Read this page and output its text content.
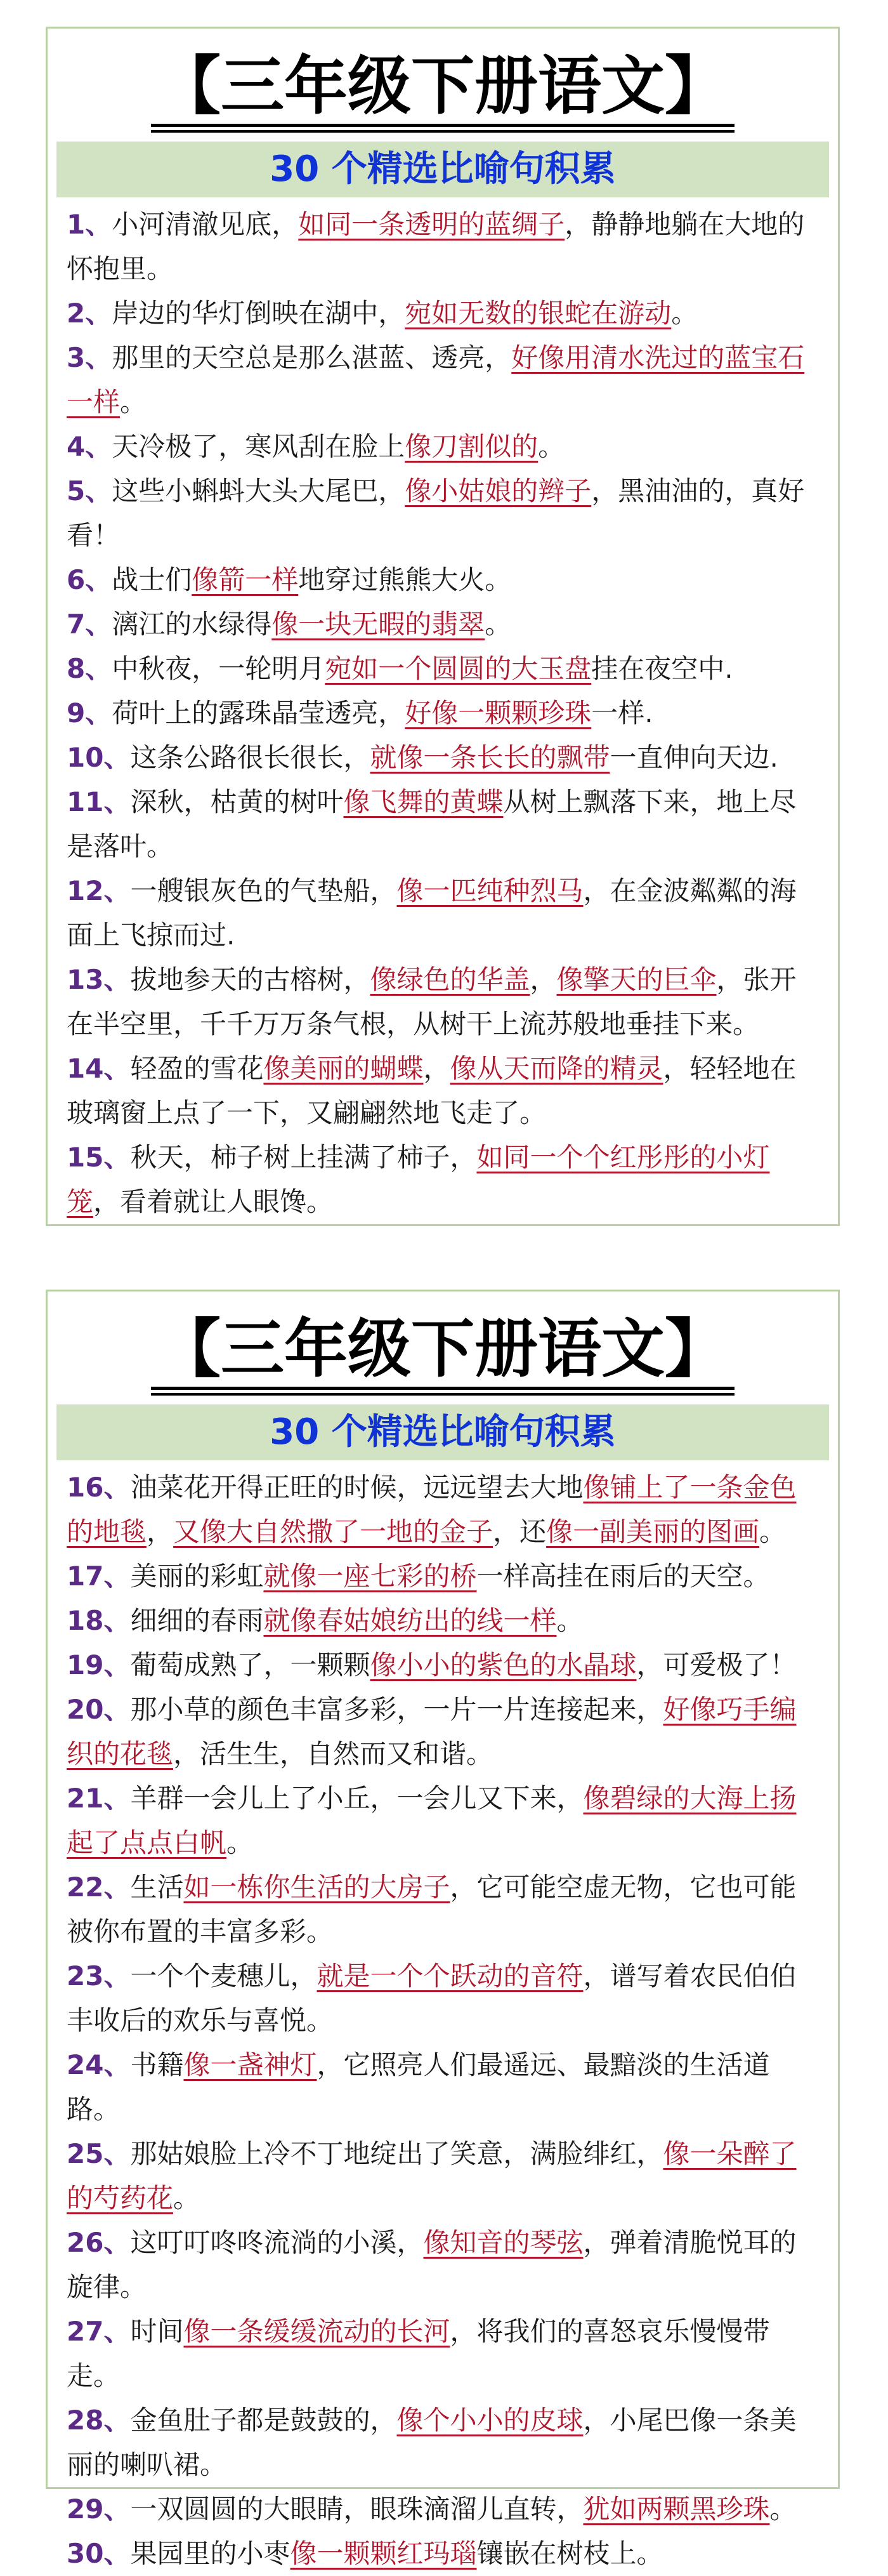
【三年级下册语文】
30 个精选比喻句积累
1、小河清澈见底，如同一条透明的蓝绸子，静静地躺在大地的怀抱里。
2、岸边的华灯倒映在湖中，宛如无数的银蛇在游动。
3、那里的天空总是那么湛蓝、透亮，好像用清水洗过的蓝宝石一样。
4、天冷极了，寒风刮在脸上像刀割似的。
5、这些小蝌蚪大头大尾巴，像小姑娘的辫子，黑油油的，真好看！
6、战士们像箭一样地穿过熊熊大火。
7、漓江的水绿得像一块无暇的翡翠。
8、中秋夜，一轮明月宛如一个圆圆的大玉盘挂在夜空中.
9、荷叶上的露珠晶莹透亮，好像一颗颗珍珠一样.
10、这条公路很长很长，就像一条长长的飘带一直伸向天边.
11、深秋，枯黄的树叶像飞舞的黄蝶从树上飘落下来，地上尽是落叶。
12、一艘银灰色的气垫船，像一匹纯种烈马，在金波粼粼的海面上飞掠而过.
13、拔地参天的古榕树，像绿色的华盖，像擎天的巨伞，张开在半空里，千千万万条气根，从树干上流苏般地垂挂下来。
14、轻盈的雪花像美丽的蝴蝶，像从天而降的精灵，轻轻地在玻璃窗上点了一下，又翩翩然地飞走了。
15、秋天，柿子树上挂满了柿子，如同一个个红彤彤的小灯笼，看着就让人眼馋。
【三年级下册语文】
30 个精选比喻句积累
16、油菜花开得正旺的时候，远远望去大地像铺上了一条金色的地毯，又像大自然撒了一地的金子，还像一副美丽的图画。
17、美丽的彩虹就像一座七彩的桥一样高挂在雨后的天空。
18、细细的春雨就像春姑娘纺出的线一样。
19、葡萄成熟了，一颗颗像小小的紫色的水晶球，可爱极了！
20、那小草的颜色丰富多彩，一片一片连接起来，好像巧手编织的花毯，活生生，自然而又和谐。
21、羊群一会儿上了小丘，一会儿又下来，像碧绿的大海上扬起了点点白帆。
22、生活如一栋你生活的大房子，它可能空虚无物，它也可能被你布置的丰富多彩。
23、一个个麦穗儿，就是一个个跃动的音符，谱写着农民伯伯丰收后的欢乐与喜悦。
24、书籍像一盏神灯，它照亮人们最遥远、最黯淡的生活道路。
25、那姑娘脸上冷不丁地绽出了笑意，满脸绯红，像一朵醉了的芍药花。
26、这叮叮咚咚流淌的小溪，像知音的琴弦，弹着清脆悦耳的旋律。
27、时间像一条缓缓流动的长河，将我们的喜怒哀乐慢慢带走。
28、金鱼肚子都是鼓鼓的，像个小小的皮球，小尾巴像一条美丽的喇叭裙。
29、一双圆圆的大眼睛，眼珠滴溜儿直转，犹如两颗黑珍珠。
30、果园里的小枣像一颗颗红玛瑙镶嵌在树枝上。
